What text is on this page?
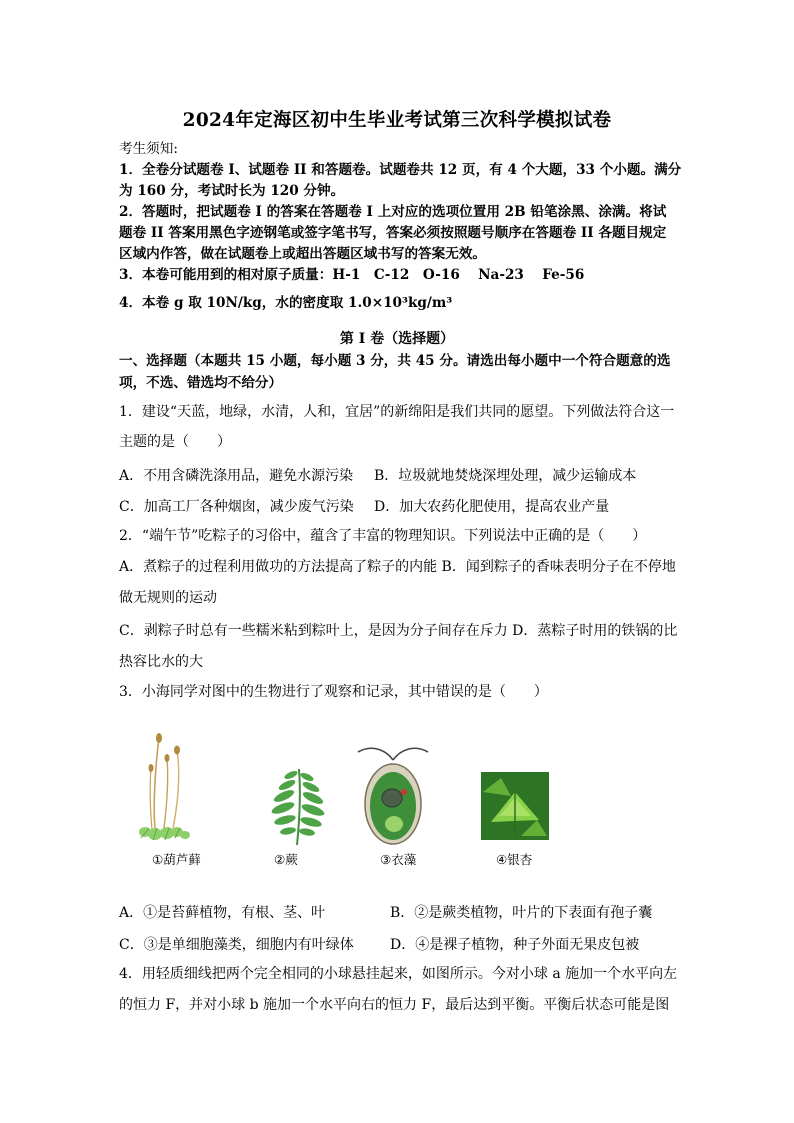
2024年定海区初中生毕业考试第三次科学模拟试卷
考生须知:
1．全卷分试题卷 I、试题卷 II 和答题卷。试题卷共 12 页，有 4 个大题，33 个小题。满分
为 160 分，考试时长为 120 分钟。
2．答题时，把试题卷 I 的答案在答题卷 I 上对应的选项位置用 2B 铅笔涂黑、涂满。将试
题卷 II 答案用黑色字迹钢笔或签字笔书写，答案必须按照题号顺序在答题卷 II 各题目规定
区域内作答，做在试题卷上或超出答题区域书写的答案无效。
3．本卷可能用到的相对原子质量：H-1　C-12　O-16　 Na-23　 Fe-56
4．本卷 g 取 10N/kg，水的密度取 1.0×10³kg/m³
第 I 卷（选择题）
一、选择题（本题共 15 小题，每小题 3 分，共 45 分。请选出每小题中一个符合题意的选
项，不选、错选均不给分）
1．建设“天蓝，地绿，水清，人和，宜居”的新绵阳是我们共同的愿望。下列做法符合这一
主题的是（　　）
A．不用含磷洗涤用品，避免水源污染 B．垃圾就地焚烧深埋处理，减少运输成本
C．加高工厂各种烟囱，减少废气污染 D．加大农药化肥使用，提高农业产量
2．“端午节”吃粽子的习俗中，蕴含了丰富的物理知识。下列说法中正确的是（　　）
A．煮粽子的过程利用做功的方法提高了粽子的内能 B．闻到粽子的香味表明分子在不停地
做无规则的运动
C．剥粽子时总有一些糯米粘到粽叶上，是因为分子间存在斥力 D．蒸粽子时用的铁锅的比
热容比水的大
3．小海同学对图中的生物进行了观察和记录，其中错误的是（　　）
①葫芦藓	②蕨	③衣藻	④银杏
A．①是苔藓植物，有根、茎、叶	B．②是蕨类植物，叶片的下表面有孢子囊
C．③是单细胞藻类，细胞内有叶绿体	D．④是裸子植物，种子外面无果皮包被
4．用轻质细线把两个完全相同的小球悬挂起来，如图所示。今对小球 a 施加一个水平向左
的恒力 F，并对小球 b 施加一个水平向右的恒力 F，最后达到平衡。平衡后状态可能是图
